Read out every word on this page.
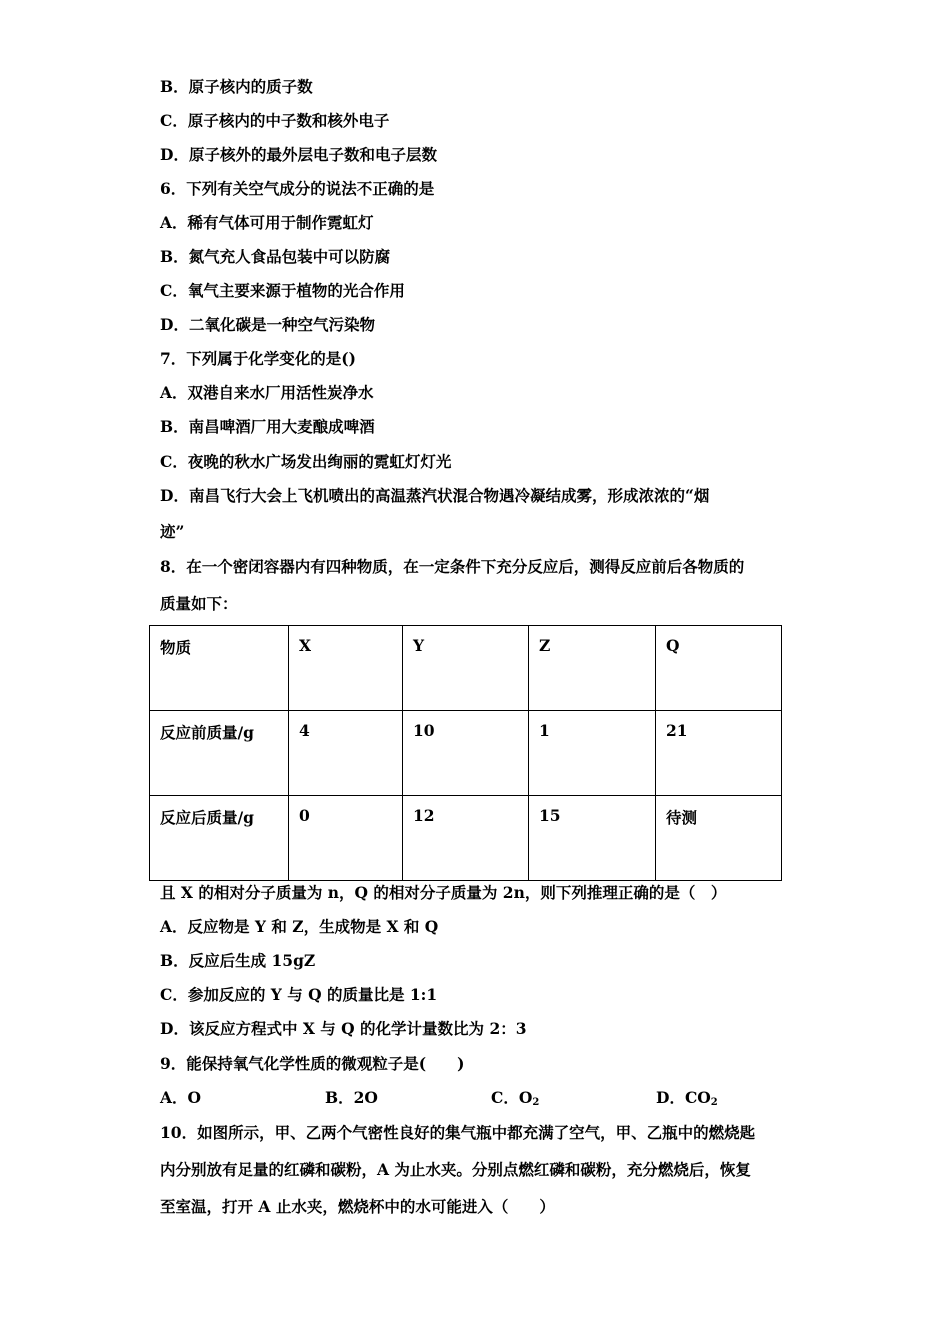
B．原子核内的质子数
C．原子核内的中子数和核外电子
D．原子核外的最外层电子数和电子层数
6．下列有关空气成分的说法不正确的是
A．稀有气体可用于制作霓虹灯
B．氮气充人食品包装中可以防腐
C．氧气主要来源于植物的光合作用
D．二氧化碳是一种空气污染物
7．下列属于化学变化的是()
A．双港自来水厂用活性炭净水
B．南昌啤酒厂用大麦酿成啤酒
C．夜晚的秋水广场发出绚丽的霓虹灯灯光
D．南昌飞行大会上飞机喷出的高温蒸汽状混合物遇冷凝结成雾，形成浓浓的“烟
迹”
8．在一个密闭容器内有四种物质，在一定条件下充分反应后，测得反应前后各物质的
质量如下：
物质	X	Y	Z	Q
反应前质量/g	4	10	1	21
反应后质量/g	0	12	15	待测
且 X 的相对分子质量为 n，Q 的相对分子质量为 2n，则下列推理正确的是（　）
A．反应物是 Y 和 Z，生成物是 X 和 Q
B．反应后生成 15gZ
C．参加反应的 Y 与 Q 的质量比是 1:1
D．该反应方程式中 X 与 Q 的化学计量数比为 2：3
9．能保持氧气化学性质的微观粒子是(　　)
A．O	B．2O	C．$O_2$	D．$CO_2$
10．如图所示，甲、乙两个气密性良好的集气瓶中都充满了空气，甲、乙瓶中的燃烧匙
内分别放有足量的红磷和碳粉，A 为止水夹。分别点燃红磷和碳粉，充分燃烧后，恢复
至室温，打开 A 止水夹，燃烧杯中的水可能进入（　　）
